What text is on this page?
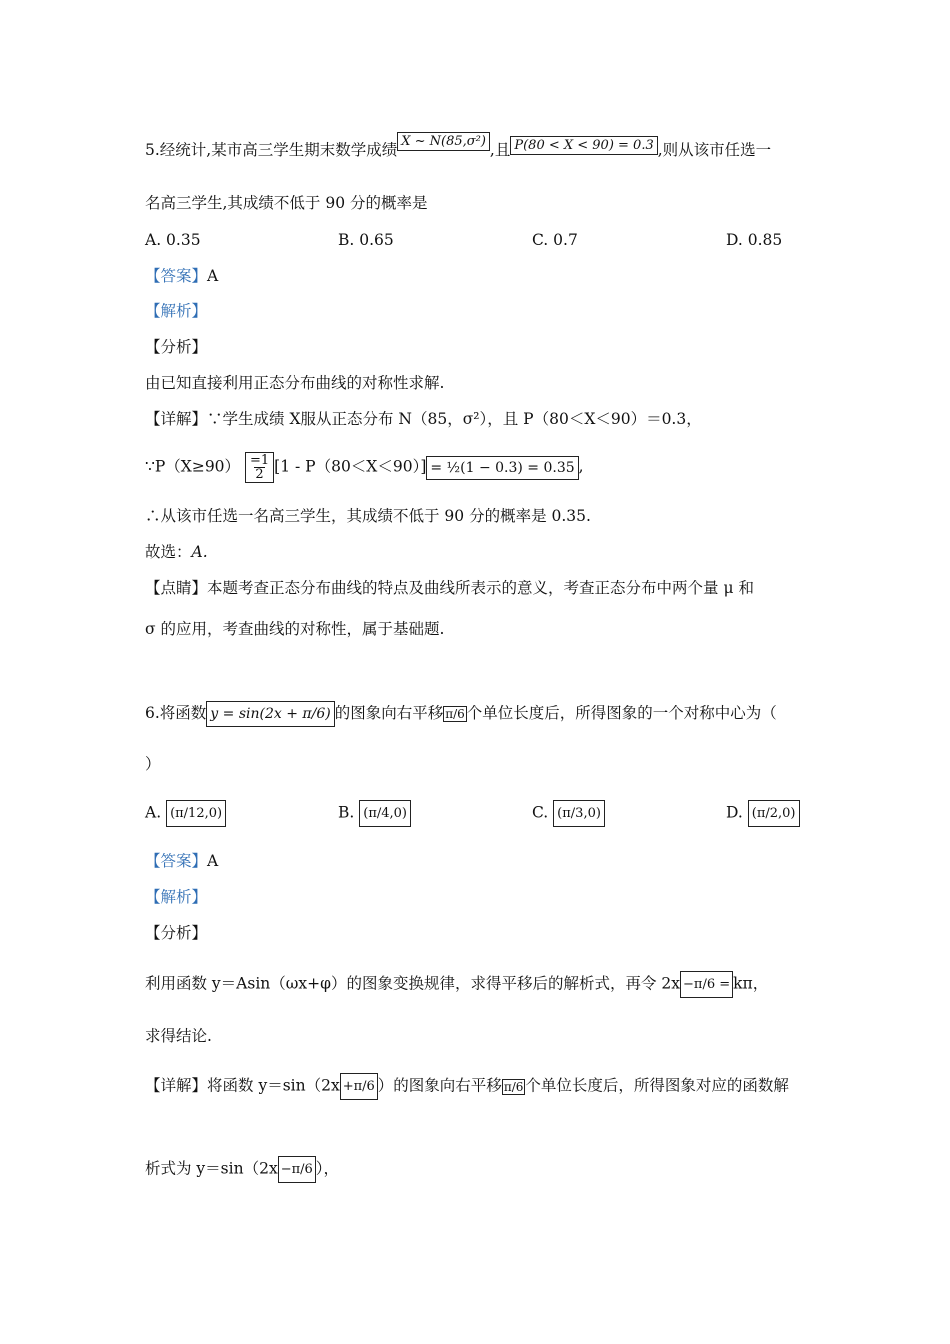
5.经统计,某市高三学生期末数学成绩 X ~ N(85,σ²) ,且 P(80 < X < 90) = 0.3 ,则从该市任选一
名高三学生,其成绩不低于 90 分的概率是
A. 0.35	B. 0.65	C. 0.7	D. 0.85
【答案】A
【解析】
【分析】
由已知直接利用正态分布曲线的对称性求解.
【详解】∵学生成绩 X服从正态分布 N（85，σ²），且 P（80＜X＜90）＝0.3，
∵P（X≥90） $\frac{=1}{2} [1 - P(80<X<90)]$ = ½(1 − 0.3) = 0.35 ,
∴从该市任选一名高三学生，其成绩不低于 90 分的概率是 0.35.
故选：A.
【点睛】本题考查正态分布曲线的特点及曲线所表示的意义，考查正态分布中两个量 μ 和
σ 的应用，考查曲线的对称性，属于基础题.
6.将函数 y = sin(2x + π/6) 的图象向右平移 π/6 个单位长度后，所得图象的一个对称中心为（
）
A. (π/12,0)	B. (π/4,0)	C. (π/3,0)	D. (π/2,0)
【答案】A
【解析】
【分析】
利用函数 y＝Asin（ωx+φ）的图象变换规律，求得平移后的解析式，再令 2x −π/6 = kπ，
求得结论.
【详解】将函数 y＝sin（2x +π/6 ）的图象向右平移 π/6 个单位长度后，所得图象对应的函数解
析式为 y＝sin（2x −π/6 ），
